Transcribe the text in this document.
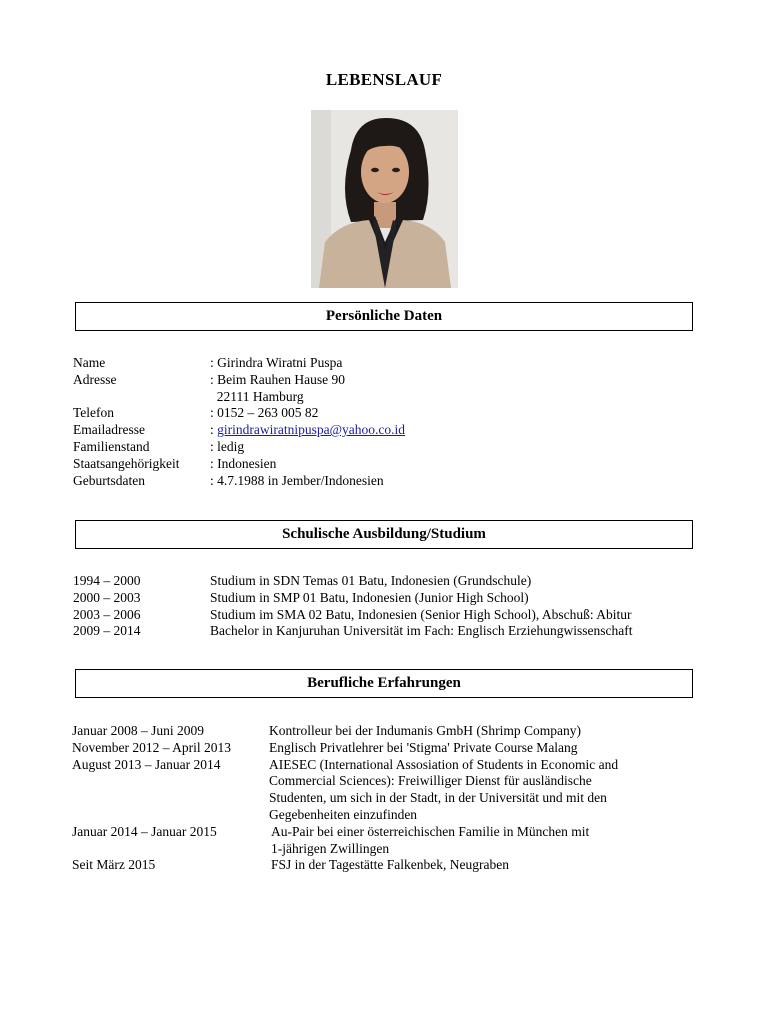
LEBENSLAUF
Persönliche Daten
Name	: Girindra Wiratni Puspa
Adresse	: Beim Rauhen Hause 90
22111 Hamburg
Telefon	: 0152 – 263 005 82
Emailadresse	: girindrawiratnipuspa@yahoo.co.id
Familienstand	: ledig
Staatsangehörigkeit	: Indonesien
Geburtsdaten	: 4.7.1988 in Jember/Indonesien
Schulische Ausbildung/Studium
1994 – 2000	Studium in SDN Temas 01 Batu, Indonesien (Grundschule)
2000 – 2003	Studium in SMP 01 Batu, Indonesien (Junior High School)
2003 – 2006	Studium im SMA 02 Batu, Indonesien (Senior High School), Abschuß: Abitur
2009 – 2014	Bachelor in Kanjuruhan Universität im Fach: Englisch Erziehungwissenschaft
Berufliche Erfahrungen
Januar 2008 – Juni 2009	Kontrolleur bei der Indumanis GmbH (Shrimp Company)
November 2012 – April 2013	Englisch Privatlehrer bei 'Stigma' Private Course Malang
August 2013 – Januar 2014	AIESEC (International Assosiation of Students in Economic and
Commercial Sciences): Freiwilliger Dienst für ausländische
Studenten, um sich in der Stadt, in der Universität und mit den
Gegebenheiten einzufinden
Januar 2014 – Januar 2015	Au-Pair bei einer österreichischen Familie in München mit
1-jährigen Zwillingen
Seit März 2015	FSJ in der Tagestätte Falkenbek, Neugraben
